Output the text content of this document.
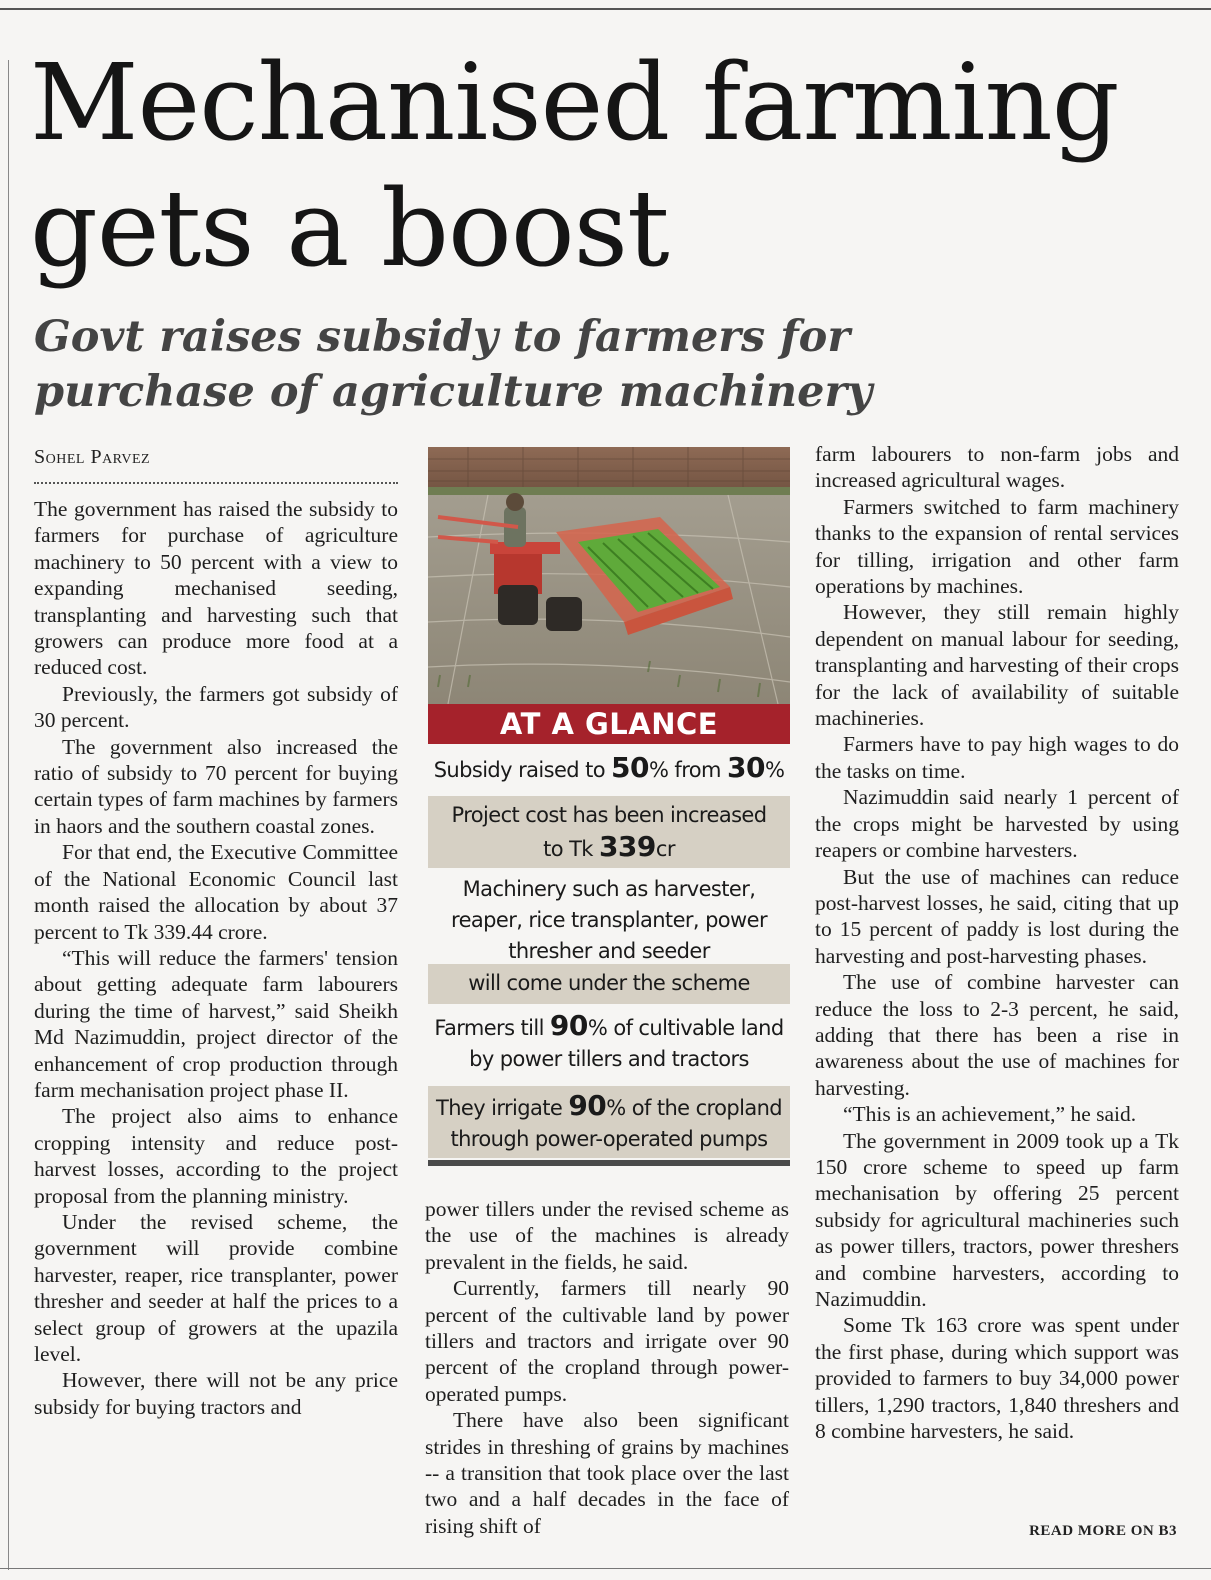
Mechanised farming gets a boost
Govt raises subsidy to farmers for purchase of agriculture machinery
Sohel Parvez

The government has raised the subsidy to farmers for purchase of agriculture machinery to 50 percent with a view to expanding mechanised seeding, transplanting and harvesting such that growers can produce more food at a reduced cost.

Previously, the farmers got subsidy of 30 percent.

The government also increased the ratio of subsidy to 70 percent for buying certain types of farm machines by farmers in haors and the southern coastal zones.

For that end, the Executive Committee of the National Economic Council last month raised the allocation by about 37 percent to Tk 339.44 crore.

“This will reduce the farmers' tension about getting adequate farm labourers during the time of harvest,” said Sheikh Md Nazimuddin, project director of the enhancement of crop production through farm mechanisation project phase II.

The project also aims to enhance cropping intensity and reduce post-harvest losses, according to the project proposal from the planning ministry.

Under the revised scheme, the government will provide combine harvester, reaper, rice transplanter, power thresher and seeder at half the prices to a select group of growers at the upazila level.

However, there will not be any price subsidy for buying tractors and

AT A GLANCE
Subsidy raised to 50% from 30%
Project cost has been increased
to Tk 339cr
Machinery such as harvester, reaper, rice transplanter, power thresher and seeder
will come under the scheme
Farmers till 90% of cultivable land
by power tillers and tractors
They irrigate 90% of the cropland
through power-operated pumps

power tillers under the revised scheme as the use of the machines is already prevalent in the fields, he said.

Currently, farmers till nearly 90 percent of the cultivable land by power tillers and tractors and irrigate over 90 percent of the cropland through power-operated pumps.

There have also been significant strides in threshing of grains by machines -- a transition that took place over the last two and a half decades in the face of rising shift of

farm labourers to non-farm jobs and increased agricultural wages.

Farmers switched to farm machinery thanks to the expansion of rental services for tilling, irrigation and other farm operations by machines.

However, they still remain highly dependent on manual labour for seeding, transplanting and harvesting of their crops for the lack of availability of suitable machineries.

Farmers have to pay high wages to do the tasks on time.

Nazimuddin said nearly 1 percent of the crops might be harvested by using reapers or combine harvesters.

But the use of machines can reduce post-harvest losses, he said, citing that up to 15 percent of paddy is lost during the harvesting and post-harvesting phases.

The use of combine harvester can reduce the loss to 2-3 percent, he said, adding that there has been a rise in awareness about the use of machines for harvesting.

“This is an achievement,” he said.

The government in 2009 took up a Tk 150 crore scheme to speed up farm mechanisation by offering 25 percent subsidy for agricultural machineries such as power tillers, tractors, power threshers and combine harvesters, according to Nazimuddin.

Some Tk 163 crore was spent under the first phase, during which support was provided to farmers to buy 34,000 power tillers, 1,290 tractors, 1,840 threshers and 8 combine harvesters, he said.

READ MORE ON B3
